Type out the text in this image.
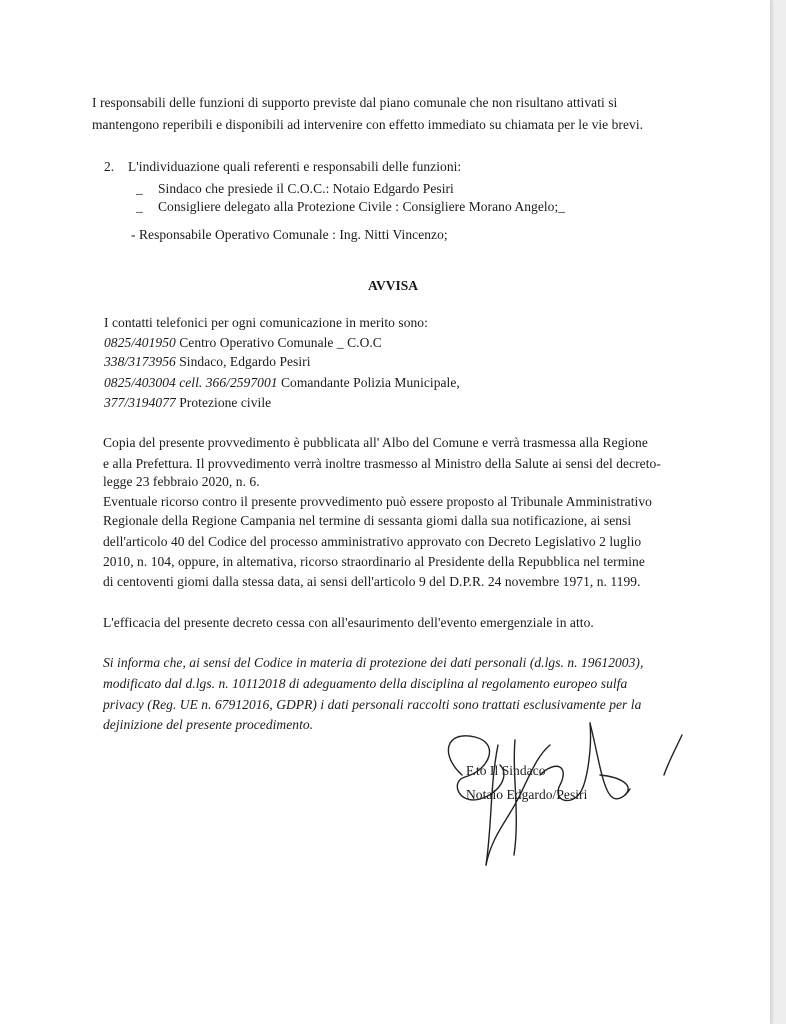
I responsabili delle funzioni di supporto previste dal piano comunale che non risultano attivati si
mantengono reperibili e disponibili ad intervenire con effetto immediato su chiamata per le vie brevi.
2. L'individuazione quali referenti e responsabili delle funzioni:
_ Sindaco che presiede il C.O.C.: Notaio Edgardo Pesiri
_ Consigliere delegato alla Protezione Civile : Consigliere Morano Angelo;_
- Responsabile Operativo Comunale : Ing. Nitti Vincenzo;
AVVISA
I contatti telefonici per ogni comunicazione in merito sono:
0825/401950 Centro Operativo Comunale _ C.O.C
338/3173956 Sindaco, Edgardo Pesiri
0825/403004 cell. 366/2597001 Comandante Polizia Municipale,
377/3194077 Protezione civile
Copia del presente provvedimento è pubblicata all' Albo del Comune e verrà trasmessa alla Regione
e alla Prefettura. Il provvedimento verrà inoltre trasmesso al Ministro della Salute ai sensi del decreto-
legge 23 febbraio 2020, n. 6.
Eventuale ricorso contro il presente provvedimento può essere proposto al Tribunale Amministrativo
Regionale della Regione Campania nel termine di sessanta giomi dalla sua notificazione, ai sensi
dell'articolo 40 del Codice del processo amministrativo approvato con Decreto Legislativo 2 luglio
2010, n. 104, oppure, in altemativa, ricorso straordinario al Presidente della Repubblica nel termine
di centoventi giomi dalla stessa data, ai sensi dell'articolo 9 del D.P.R. 24 novembre 1971, n. 1199.
L'efficacia del presente decreto cessa con all'esaurimento dell'evento emergenziale in atto.
Si informa che, ai sensi del Codice in materia di protezione dei dati personali (d.lgs. n. 19612003),
modificato dal d.lgs. n. 10112018 di adeguamento della disciplina al regolamento europeo sulfa
privacy (Reg. UE n. 67912016, GDPR) i dati personali raccolti sono trattati esclusivamente per la
dejinizione del presente procedimento.
F.to Il Sindaco
Notaio Edgardo/Pesiri
